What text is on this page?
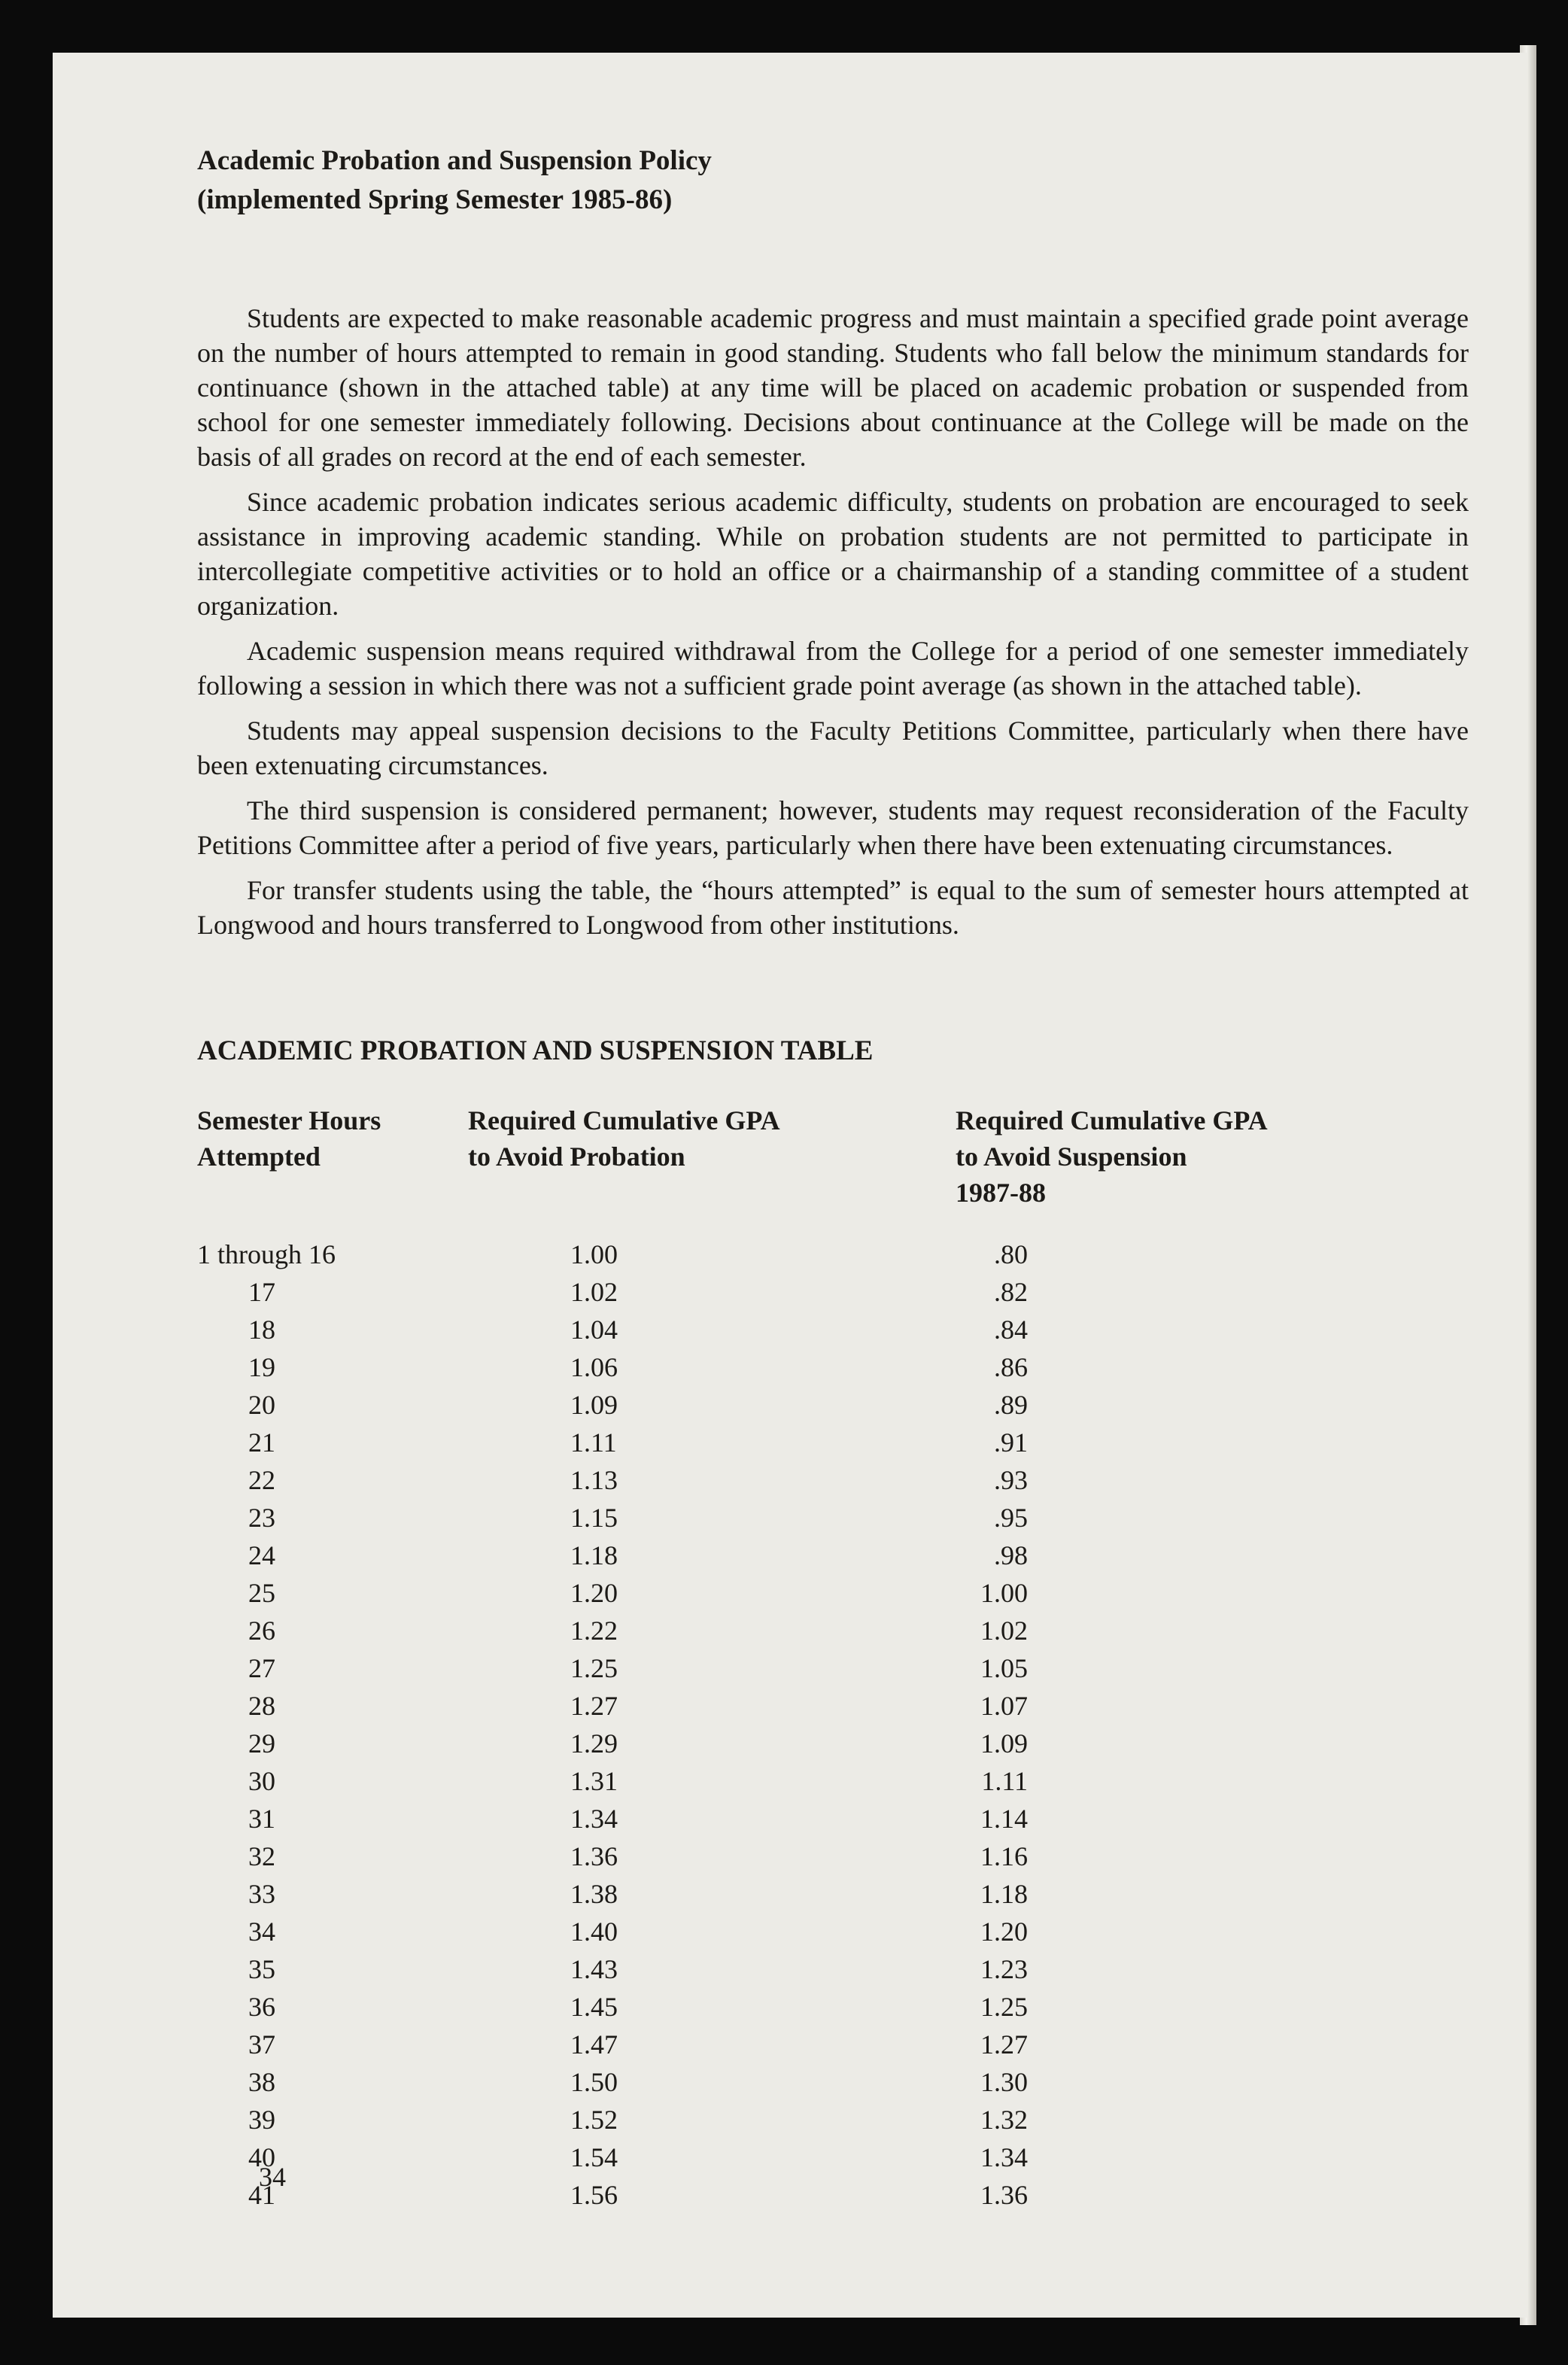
Academic Probation and Suspension Policy
(implemented Spring Semester 1985-86)

Students are expected to make reasonable academic progress and must maintain a specified grade point average on the number of hours attempted to remain in good standing. Students who fall below the minimum standards for continuance (shown in the attached table) at any time will be placed on academic probation or suspended from school for one semester immediately following. Decisions about continuance at the College will be made on the basis of all grades on record at the end of each semester.

Since academic probation indicates serious academic difficulty, students on probation are encouraged to seek assistance in improving academic standing. While on probation students are not permitted to participate in intercollegiate competitive activities or to hold an office or a chairmanship of a standing committee of a student organization.

Academic suspension means required withdrawal from the College for a period of one semester immediately following a session in which there was not a sufficient grade point average (as shown in the attached table).

Students may appeal suspension decisions to the Faculty Petitions Committee, particularly when there have been extenuating circumstances.

The third suspension is considered permanent; however, students may request reconsideration of the Faculty Petitions Committee after a period of five years, particularly when there have been extenuating circumstances.

For transfer students using the table, the “hours attempted” is equal to the sum of semester hours attempted at Longwood and hours transferred to Longwood from other institutions.

ACADEMIC PROBATION AND SUSPENSION TABLE
Semester Hours
Attempted
Required Cumulative GPA
to Avoid Probation
Required Cumulative GPA
to Avoid Suspension
1987-88
1 through 16	1.00	.80
17	1.02	.82
18	1.04	.84
19	1.06	.86
20	1.09	.89
21	1.11	.91
22	1.13	.93
23	1.15	.95
24	1.18	.98
25	1.20	1.00
26	1.22	1.02
27	1.25	1.05
28	1.27	1.07
29	1.29	1.09
30	1.31	1.11
31	1.34	1.14
32	1.36	1.16
33	1.38	1.18
34	1.40	1.20
35	1.43	1.23
36	1.45	1.25
37	1.47	1.27
38	1.50	1.30
39	1.52	1.32
40	1.54	1.34
41	1.56	1.36
34
